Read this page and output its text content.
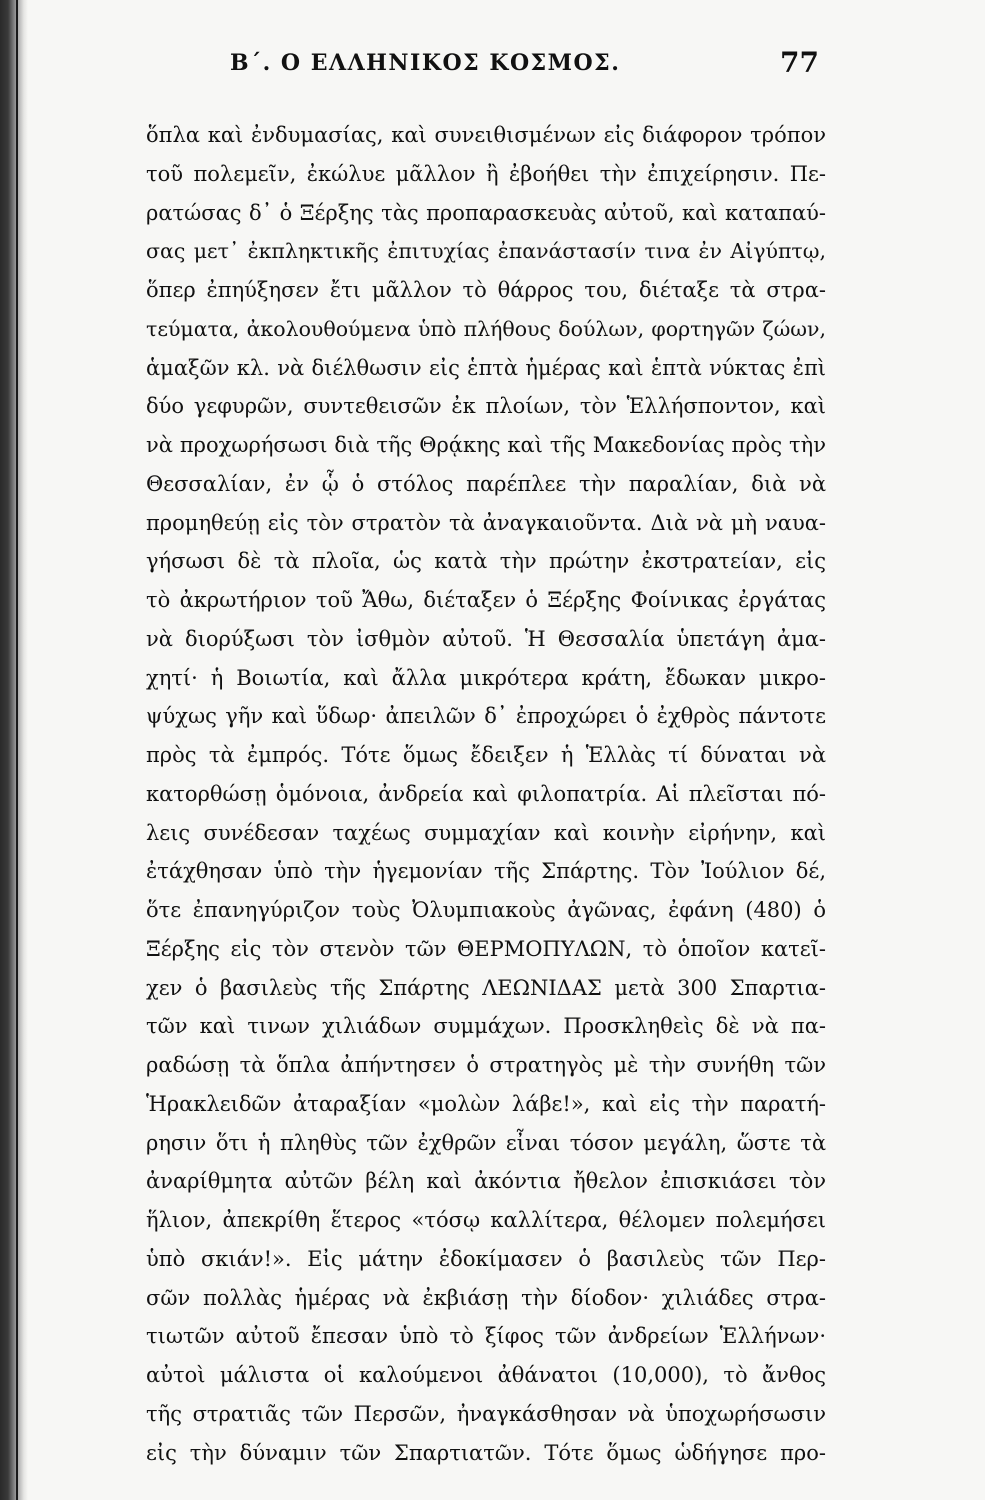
Β΄. Ο ΕΛΛΗΝΙΚΟΣ ΚΟΣΜΟΣ.	77
ὅπλα καὶ ἐνδυμασίας, καὶ συνειθισμένων εἰς διάφορον τρόπον
τοῦ πολεμεῖν, ἐκώλυε μᾶλλον ἢ ἐβοήθει τὴν ἐπιχείρησιν. Πε-
ρατώσας δ᾽ ὁ Ξέρξης τὰς προπαρασκευὰς αὐτοῦ, καὶ καταπαύ-
σας μετ᾽ ἐκπληκτικῆς ἐπιτυχίας ἐπανάστασίν τινα ἐν Αἰγύπτῳ,
ὅπερ ἐπηύξησεν ἔτι μᾶλλον τὸ θάρρος του, διέταξε τὰ στρα-
τεύματα, ἀκολουθούμενα ὑπὸ πλήθους δούλων, φορτηγῶν ζώων,
ἁμαξῶν κλ. νὰ διέλθωσιν εἰς ἑπτὰ ἡμέρας καὶ ἑπτὰ νύκτας ἐπὶ
δύο γεφυρῶν, συντεθεισῶν ἐκ πλοίων, τὸν Ἑλλήσποντον, καὶ
νὰ προχωρήσωσι διὰ τῆς Θρᾴκης καὶ τῆς Μακεδονίας πρὸς τὴν
Θεσσαλίαν, ἐν ᾧ ὁ στόλος παρέπλεε τὴν παραλίαν, διὰ νὰ
προμηθεύῃ εἰς τὸν στρατὸν τὰ ἀναγκαιοῦντα. Διὰ νὰ μὴ ναυα-
γήσωσι δὲ τὰ πλοῖα, ὡς κατὰ τὴν πρώτην ἐκστρατείαν, εἰς
τὸ ἀκρωτήριον τοῦ Ἄθω, διέταξεν ὁ Ξέρξης Φοίνικας ἐργάτας
νὰ διορύξωσι τὸν ἰσθμὸν αὐτοῦ. Ἡ Θεσσαλία ὑπετάγη ἀμα-
χητί· ἡ Βοιωτία, καὶ ἄλλα μικρότερα κράτη, ἔδωκαν μικρο-
ψύχως γῆν καὶ ὕδωρ· ἀπειλῶν δ᾽ ἐπροχώρει ὁ ἐχθρὸς πάντοτε
πρὸς τὰ ἐμπρός. Τότε ὅμως ἔδειξεν ἡ Ἑλλὰς τί δύναται νὰ
κατορθώσῃ ὁμόνοια, ἀνδρεία καὶ φιλοπατρία. Αἱ πλεῖσται πό-
λεις συνέδεσαν ταχέως συμμαχίαν καὶ κοινὴν εἰρήνην, καὶ
ἐτάχθησαν ὑπὸ τὴν ἡγεμονίαν τῆς Σπάρτης. Τὸν Ἰούλιον δέ,
ὅτε ἐπανηγύριζον τοὺς Ὀλυμπιακοὺς ἀγῶνας, ἐφάνη (480) ὁ
Ξέρξης εἰς τὸν στενὸν τῶν ΘΕΡΜΟΠΥΛΩΝ, τὸ ὁποῖον κατεῖ-
χεν ὁ βασιλεὺς τῆς Σπάρτης ΛΕΩΝΙΔΑΣ μετὰ 300 Σπαρτια-
τῶν καὶ τινων χιλιάδων συμμάχων. Προσκληθεὶς δὲ νὰ πα-
ραδώσῃ τὰ ὅπλα ἀπήντησεν ὁ στρατηγὸς μὲ τὴν συνήθη τῶν
Ἡρακλειδῶν ἀταραξίαν «μολὼν λάβε!», καὶ εἰς τὴν παρατή-
ρησιν ὅτι ἡ πληθὺς τῶν ἐχθρῶν εἶναι τόσον μεγάλη, ὥστε τὰ
ἀναρίθμητα αὐτῶν βέλη καὶ ἀκόντια ἤθελον ἐπισκιάσει τὸν
ἥλιον, ἀπεκρίθη ἕτερος «τόσῳ καλλίτερα, θέλομεν πολεμήσει
ὑπὸ σκιάν!». Εἰς μάτην ἐδοκίμασεν ὁ βασιλεὺς τῶν Περ-
σῶν πολλὰς ἡμέρας νὰ ἐκβιάσῃ τὴν δίοδον· χιλιάδες στρα-
τιωτῶν αὐτοῦ ἔπεσαν ὑπὸ τὸ ξίφος τῶν ἀνδρείων Ἑλλήνων·
αὐτοὶ μάλιστα οἱ καλούμενοι ἀθάνατοι (10,000), τὸ ἄνθος
τῆς στρατιᾶς τῶν Περσῶν, ἠναγκάσθησαν νὰ ὑποχωρήσωσιν
εἰς τὴν δύναμιν τῶν Σπαρτιατῶν. Τότε ὅμως ὡδήγησε προ-
